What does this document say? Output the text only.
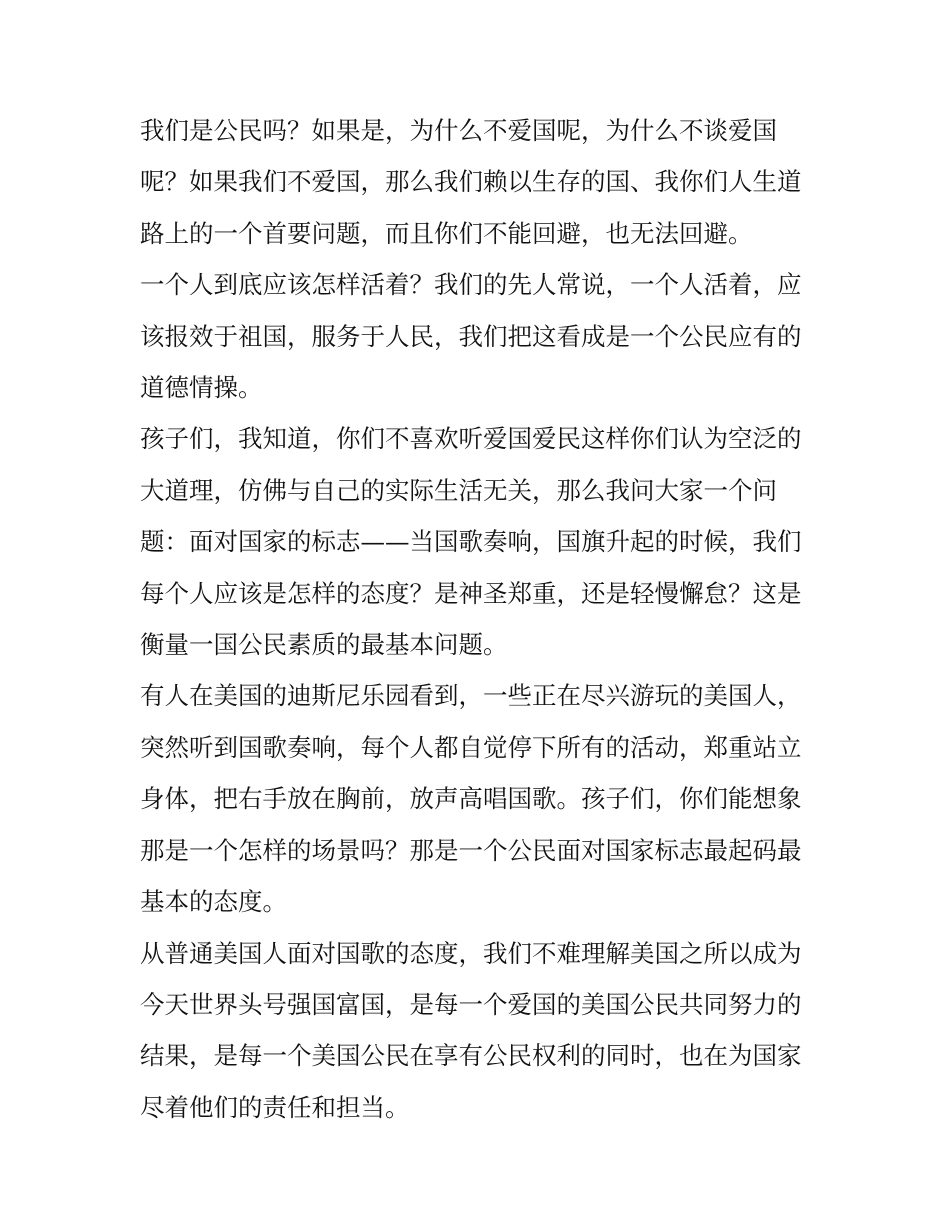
我们是公民吗？如果是，为什么不爱国呢，为什么不谈爱国
呢？如果我们不爱国，那么我们赖以生存的国、我你们人生道
路上的一个首要问题，而且你们不能回避，也无法回避。

一个人到底应该怎样活着？我们的先人常说，一个人活着，应
该报效于祖国，服务于人民，我们把这看成是一个公民应有的
道德情操。

孩子们，我知道，你们不喜欢听爱国爱民这样你们认为空泛的
大道理，仿佛与自己的实际生活无关，那么我问大家一个问
题：面对国家的标志——当国歌奏响，国旗升起的时候，我们
每个人应该是怎样的态度？是神圣郑重，还是轻慢懈怠？这是
衡量一国公民素质的最基本问题。

有人在美国的迪斯尼乐园看到，一些正在尽兴游玩的美国人，
突然听到国歌奏响，每个人都自觉停下所有的活动，郑重站立
身体，把右手放在胸前，放声高唱国歌。孩子们，你们能想象
那是一个怎样的场景吗？那是一个公民面对国家标志最起码最
基本的态度。

从普通美国人面对国歌的态度，我们不难理解美国之所以成为
今天世界头号强国富国，是每一个爱国的美国公民共同努力的
结果，是每一个美国公民在享有公民权利的同时，也在为国家
尽着他们的责任和担当。
